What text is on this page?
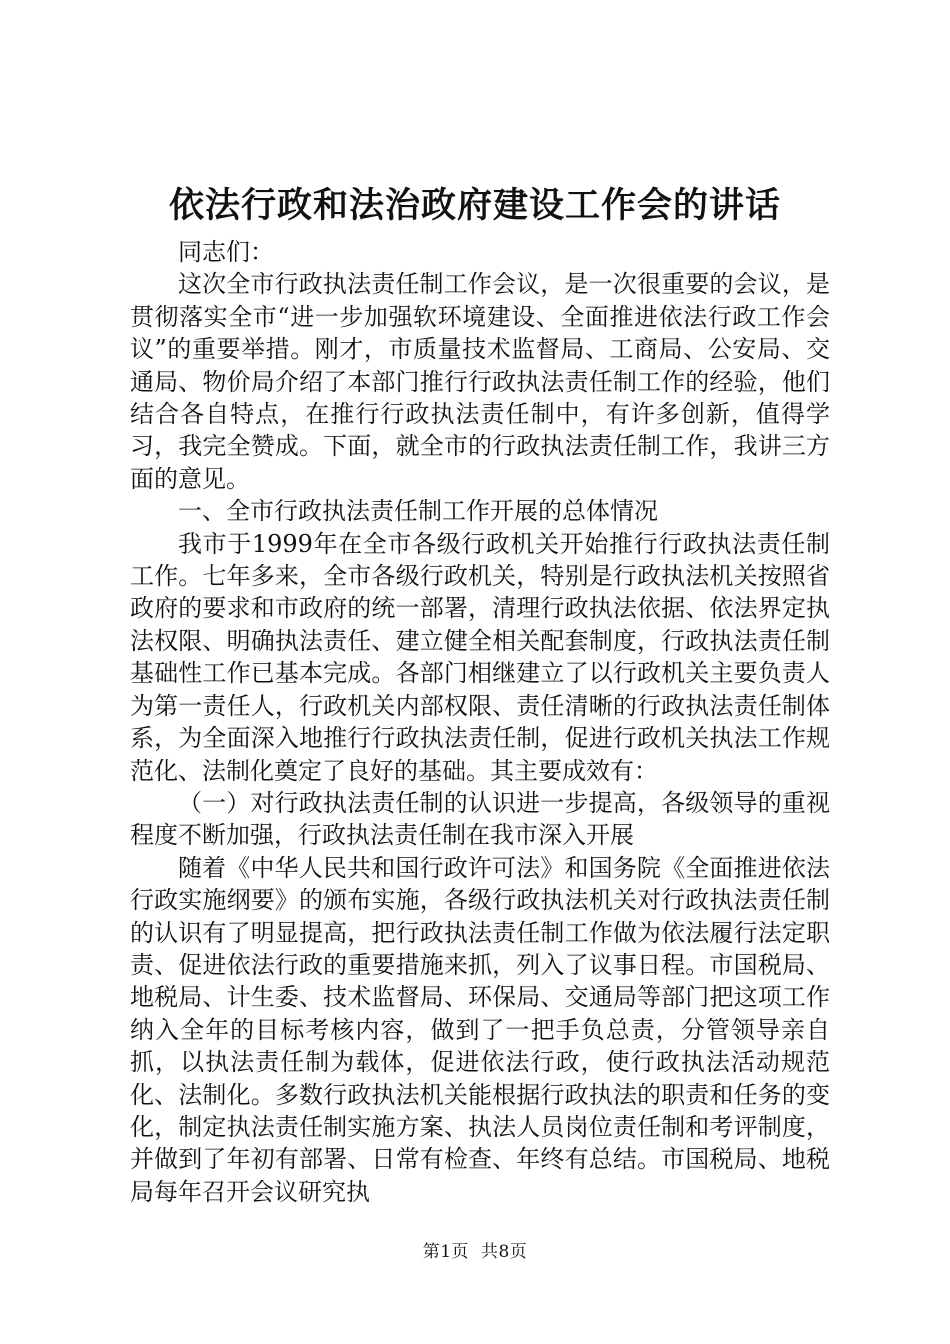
依法行政和法治政府建设工作会的讲话

同志们：

这次全市行政执法责任制工作会议，是一次很重要的会议，是贯彻落实全市“进一步加强软环境建设、全面推进依法行政工作会议”的重要举措。刚才，市质量技术监督局、工商局、公安局、交通局、物价局介绍了本部门推行行政执法责任制工作的经验，他们结合各自特点，在推行行政执法责任制中，有许多创新，值得学习，我完全赞成。下面，就全市的行政执法责任制工作，我讲三方面的意见。

一、全市行政执法责任制工作开展的总体情况

我市于1999年在全市各级行政机关开始推行行政执法责任制工作。七年多来，全市各级行政机关，特别是行政执法机关按照省政府的要求和市政府的统一部署，清理行政执法依据、依法界定执法权限、明确执法责任、建立健全相关配套制度，行政执法责任制基础性工作已基本完成。各部门相继建立了以行政机关主要负责人为第一责任人，行政机关内部权限、责任清晰的行政执法责任制体系，为全面深入地推行行政执法责任制，促进行政机关执法工作规范化、法制化奠定了良好的基础。其主要成效有：

（一）对行政执法责任制的认识进一步提高，各级领导的重视程度不断加强，行政执法责任制在我市深入开展

随着《中华人民共和国行政许可法》和国务院《全面推进依法行政实施纲要》的颁布实施，各级行政执法机关对行政执法责任制的认识有了明显提高，把行政执法责任制工作做为依法履行法定职责、促进依法行政的重要措施来抓，列入了议事日程。市国税局、地税局、计生委、技术监督局、环保局、交通局等部门把这项工作纳入全年的目标考核内容，做到了一把手负总责，分管领导亲自抓，以执法责任制为载体，促进依法行政，使行政执法活动规范化、法制化。多数行政执法机关能根据行政执法的职责和任务的变化，制定执法责任制实施方案、执法人员岗位责任制和考评制度，并做到了年初有部署、日常有检查、年终有总结。市国税局、地税局每年召开会议研究执

第1页 共8页
